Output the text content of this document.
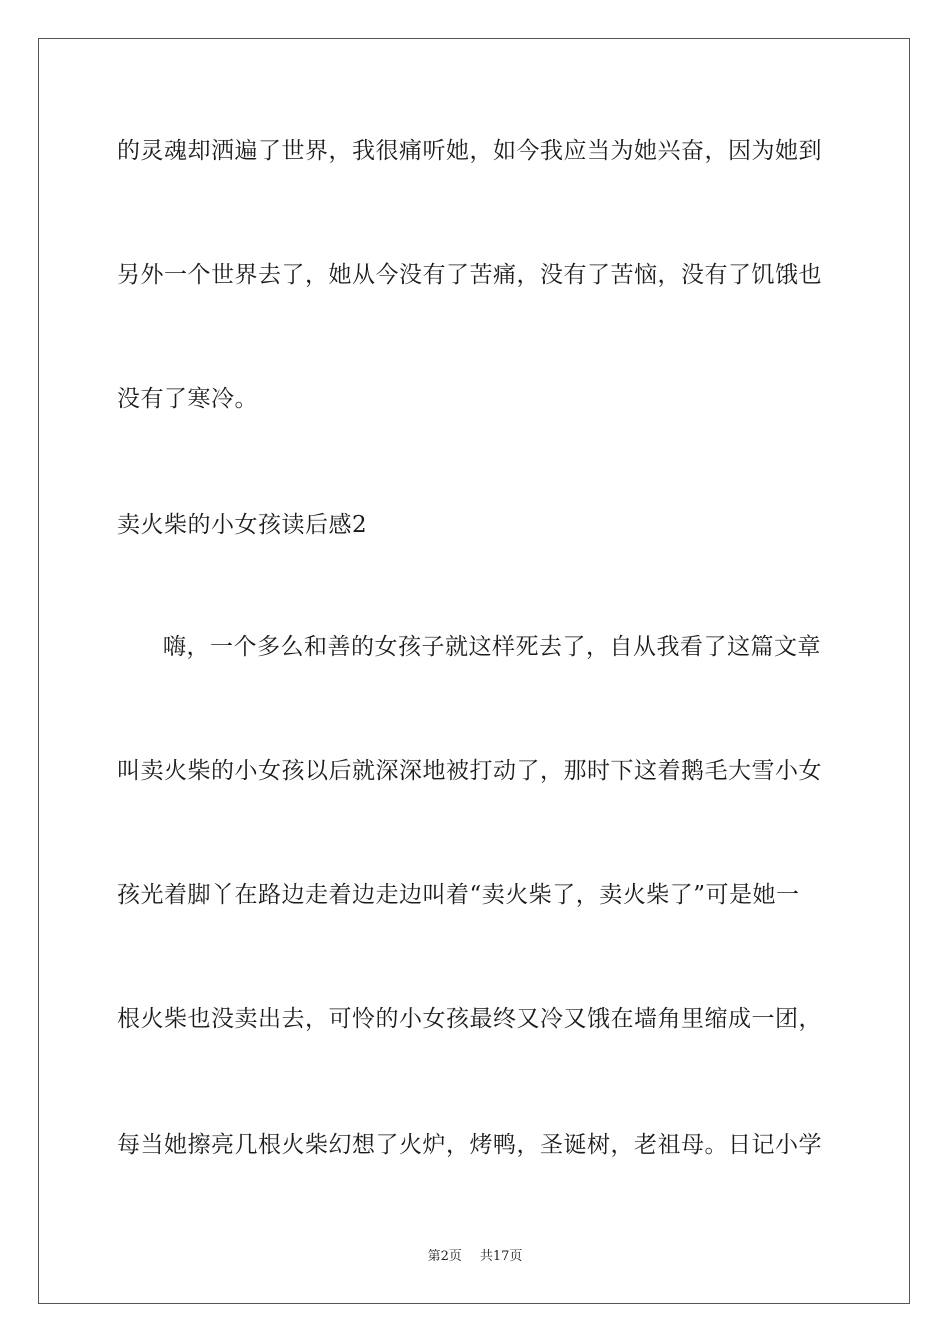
的灵魂却洒遍了世界，我很痛听她，如今我应当为她兴奋，因为她到
另外一个世界去了，她从今没有了苦痛，没有了苦恼，没有了饥饿也
没有了寒冷。
卖火柴的小女孩读后感2
嗨，一个多么和善的女孩子就这样死去了，自从我看了这篇文章
叫卖火柴的小女孩以后就深深地被打动了，那时下这着鹅毛大雪小女
孩光着脚丫在路边走着边走边叫着“卖火柴了，卖火柴了”可是她一
根火柴也没卖出去，可怜的小女孩最终又冷又饿在墙角里缩成一团，
每当她擦亮几根火柴幻想了火炉，烤鸭，圣诞树，老祖母。日记小学
第2页 共17页
